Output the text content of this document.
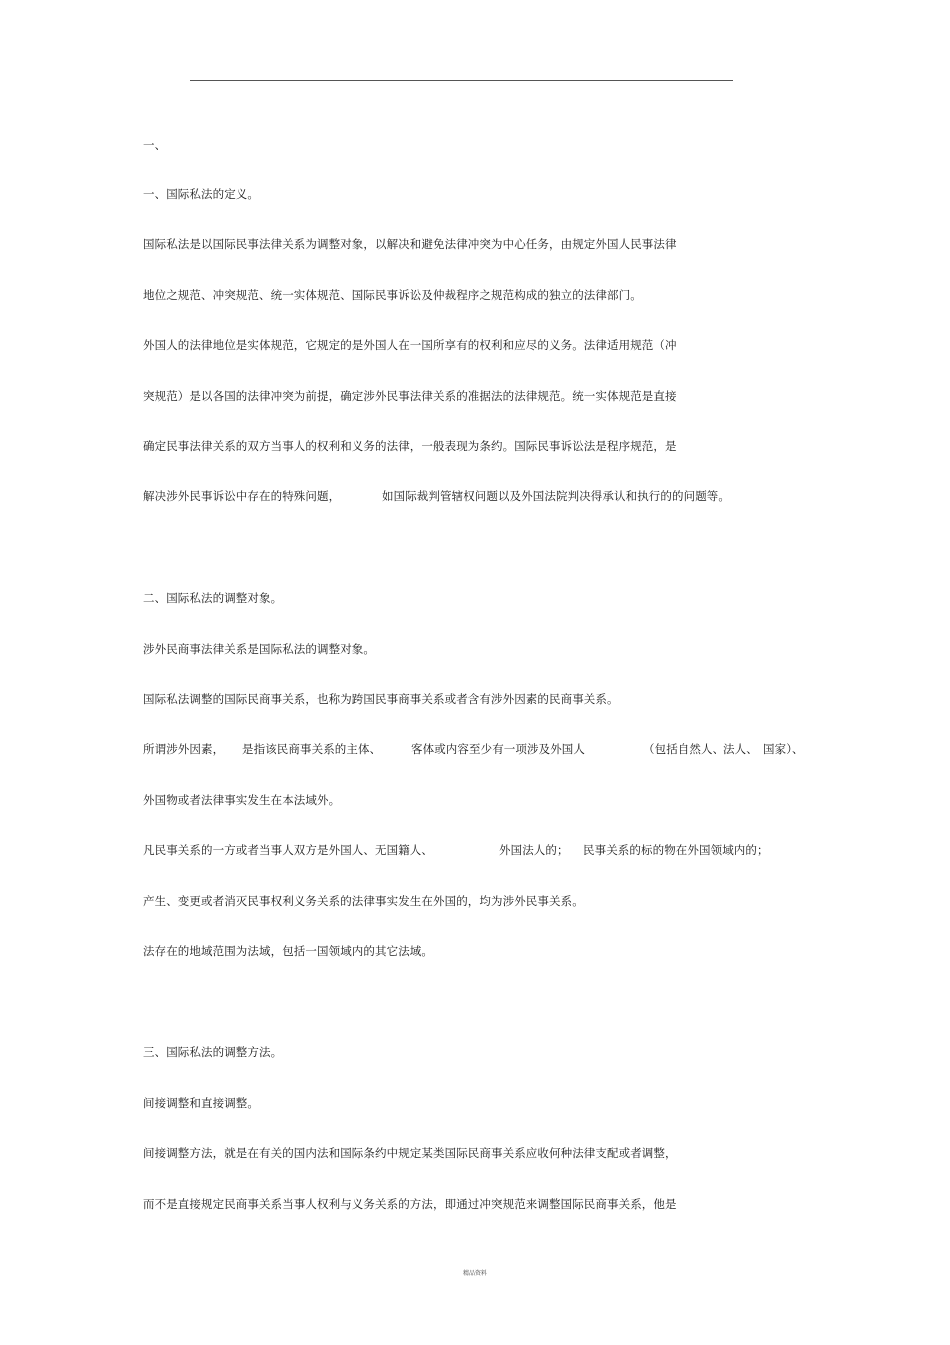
一、
一、国际私法的定义。
国际私法是以国际民事法律关系为调整对象，以解决和避免法律冲突为中心任务，由规定外国人民事法律
地位之规范、冲突规范、统一实体规范、国际民事诉讼及仲裁程序之规范构成的独立的法律部门。
外国人的法律地位是实体规范，它规定的是外国人在一国所享有的权利和应尽的义务。法律适用规范（冲
突规范）是以各国的法律冲突为前提，确定涉外民事法律关系的准据法的法律规范。统一实体规范是直接
确定民事法律关系的双方当事人的权利和义务的法律，一般表现为条约。国际民事诉讼法是程序规范，是

解决涉外民事诉讼中存在的特殊问题，

	如国际裁判管辖权问题以及外国法院判决得承认和执行的的问题等。

二、国际私法的调整对象。
涉外民商事法律关系是国际私法的调整对象。
国际私法调整的国际民商事关系，也称为跨国民事商事关系或者含有涉外因素的民商事关系。

所谓涉外因素，

是指该民商事关系的主体、

	客体或内容至少有一项涉及外国人

	（包括自然人、

法人、

国家）、

外国物或者法律事实发生在本法域外。

凡民事关系的一方或者当事人双方是外国人、无国籍人、

	外国法人的；

民事关系的标的物在外国领域内的；

产生、变更或者消灭民事权利义务关系的法律事实发生在外国的，均为涉外民事关系。
法存在的地域范围为法域，包括一国领域内的其它法域。
三、国际私法的调整方法。
间接调整和直接调整。
间接调整方法，就是在有关的国内法和国际条约中规定某类国际民商事关系应收何种法律支配或者调整，
而不是直接规定民商事关系当事人权利与义务关系的方法，即通过冲突规范来调整国际民商事关系，他是
精品资料
